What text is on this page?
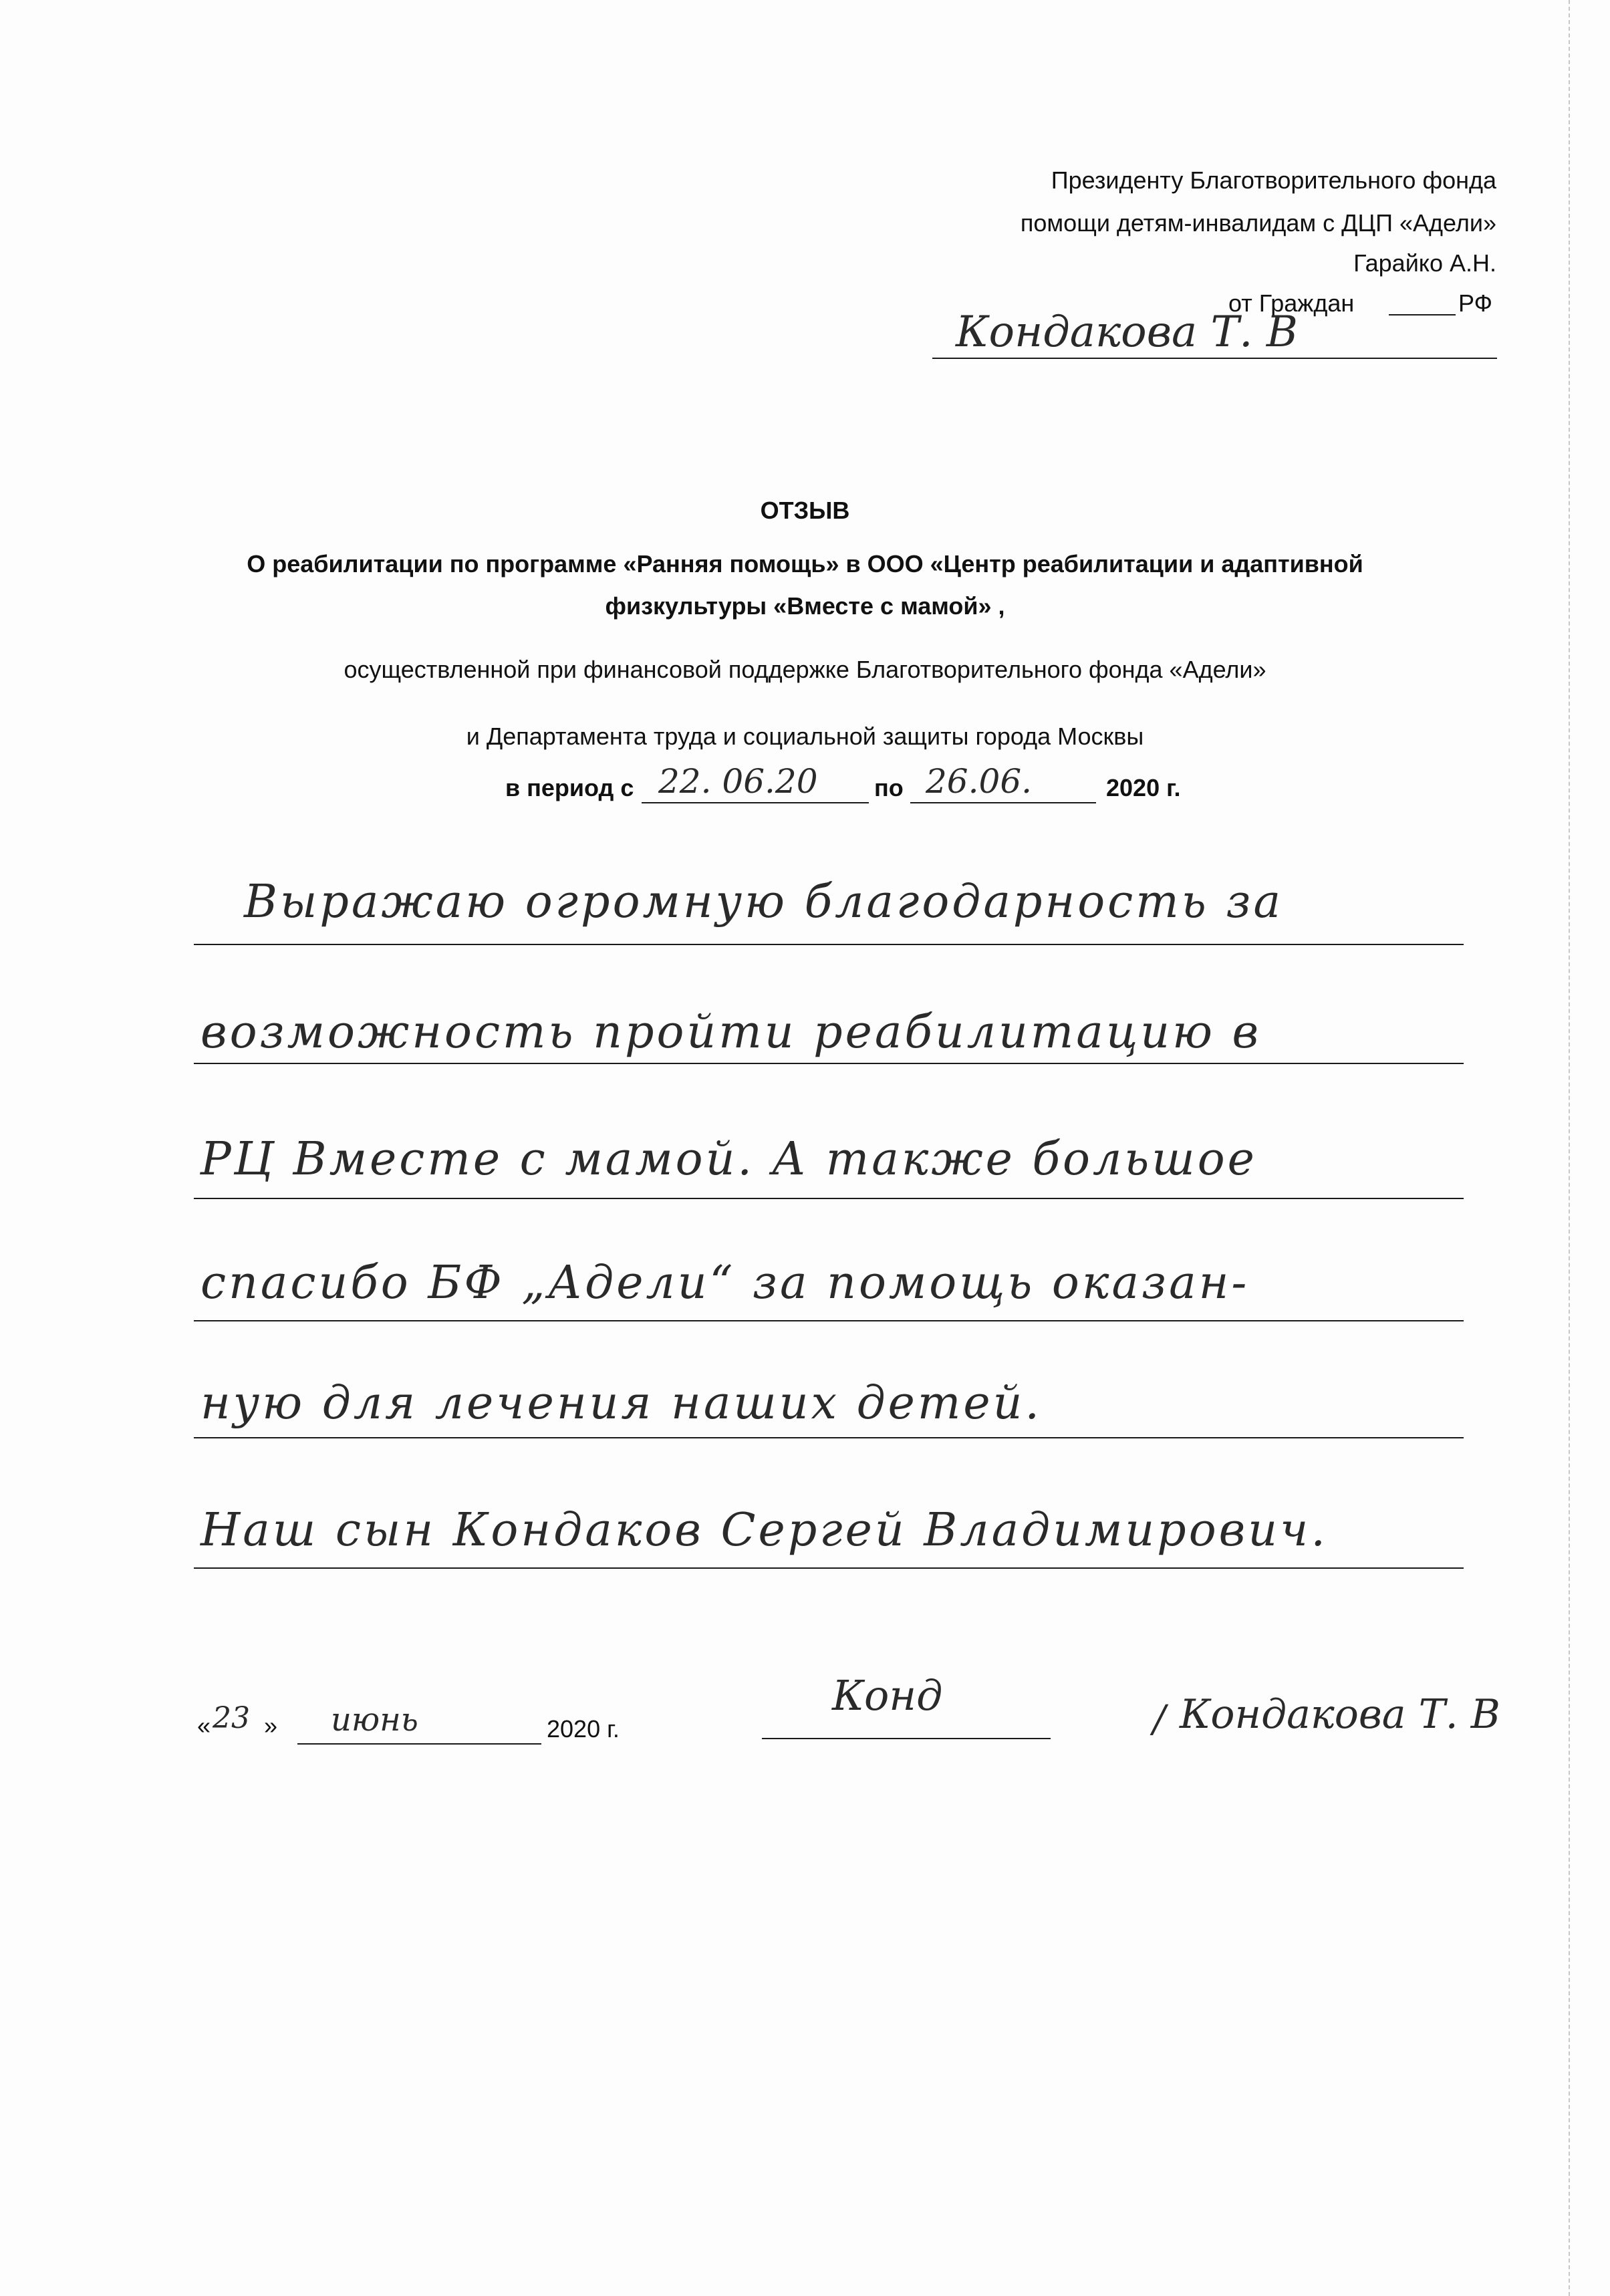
Президенту Благотворительного фонда
помощи детям-инвалидам с ДЦП «Адели»
Гарайко А.Н.
от Граждан	РФ
Кондакова Т. В
ОТЗЫВ
О реабилитации по программе «Ранняя помощь» в ООО «Центр реабилитации и адаптивной
физкультуры «Вместе с мамой» ,
осуществленной при финансовой поддержке Благотворительного фонда «Адели»
и Департамента труда и социальной защиты города Москвы
в период с 22. 06.20 по 26.06.	2020 г.
Выражаю огромную благодарность за
возможность пройти реабилитацию в
РЦ Вместе с мамой. А также большое
спасибо БФ „Адели“ за помощь оказан-
ную для лечения наших детей.
Наш сын Кондаков Сергей Владимирович.
« 23 » июнь	2020 г.
Конд	/ Кондакова Т. В
